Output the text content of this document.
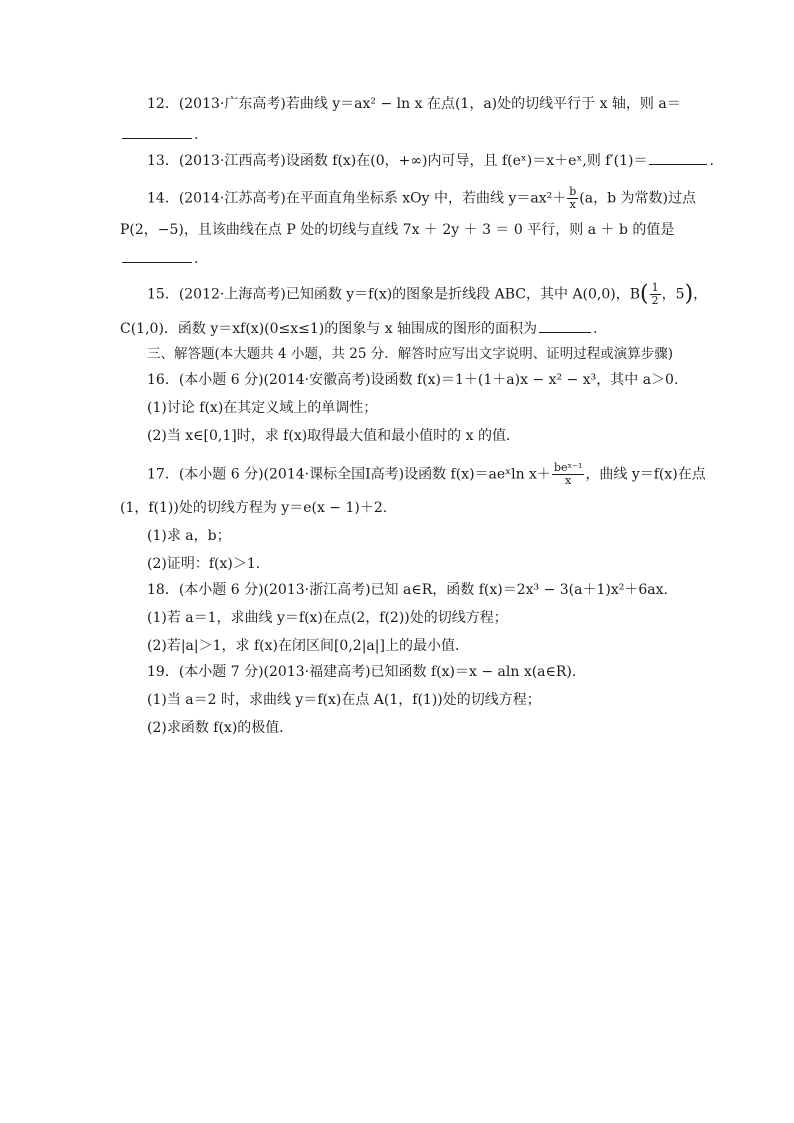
12．(2013·广东高考)若曲线 y＝ax² − ln x 在点(1，a)处的切线平行于 x 轴，则 a＝
.
13．(2013·江西高考)设函数 f(x)在(0，+∞)内可导，且 f(eˣ)＝x＋eˣ,则 f′(1)＝	.
14．(2014·江苏高考)在平面直角坐标系 xOy 中，若曲线 $y=ax^2+ \frac{b}{x} (a$，b 为常数)过点
P(2，−5)，且该曲线在点 P 处的切线与直线 7x ＋ 2y ＋ 3 ＝ 0 平行，则 a ＋ b 的值是
.
15．(2012·上海高考)已知函数 y＝f(x)的图象是折线段 ABC，其中 A(0,0)，$B( \frac{1}{2}$ ，5)，
C(1,0)．函数 y＝xf(x)(0≤x≤1)的图象与 x 轴围成的图形的面积为	.
三、解答题(本大题共 4 小题，共 25 分．解答时应写出文字说明、证明过程或演算步骤)
16．(本小题 6 分)(2014·安徽高考)设函数 f(x)＝1＋(1＋a)x − x² − x³，其中 a＞0.
(1)讨论 f(x)在其定义域上的单调性；
(2)当 x∈[0,1]时，求 f(x)取得最大值和最小值时的 x 的值．
17．(本小题 6 分)(2014·课标全国Ⅰ高考)设函数 f(x)＝aeˣln $x+ \frac{\text{beˣ⁻¹}}{x}$ ，曲线 y＝f(x)在点
(1，f(1))处的切线方程为 y＝e(x − 1)＋2.
(1)求 a，b；
(2)证明：f(x)＞1.
18．(本小题 6 分)(2013·浙江高考)已知 a∈R，函数 f(x)＝2x³ − 3(a＋1)x²＋6ax.
(1)若 a＝1，求曲线 y＝f(x)在点(2，f(2))处的切线方程；
(2)若|a|＞1，求 f(x)在闭区间[0,2|a|]上的最小值．
19．(本小题 7 分)(2013·福建高考)已知函数 f(x)＝x − aln x(a∈R)．
(1)当 a＝2 时，求曲线 y＝f(x)在点 A(1，f(1))处的切线方程；
(2)求函数 f(x)的极值．
